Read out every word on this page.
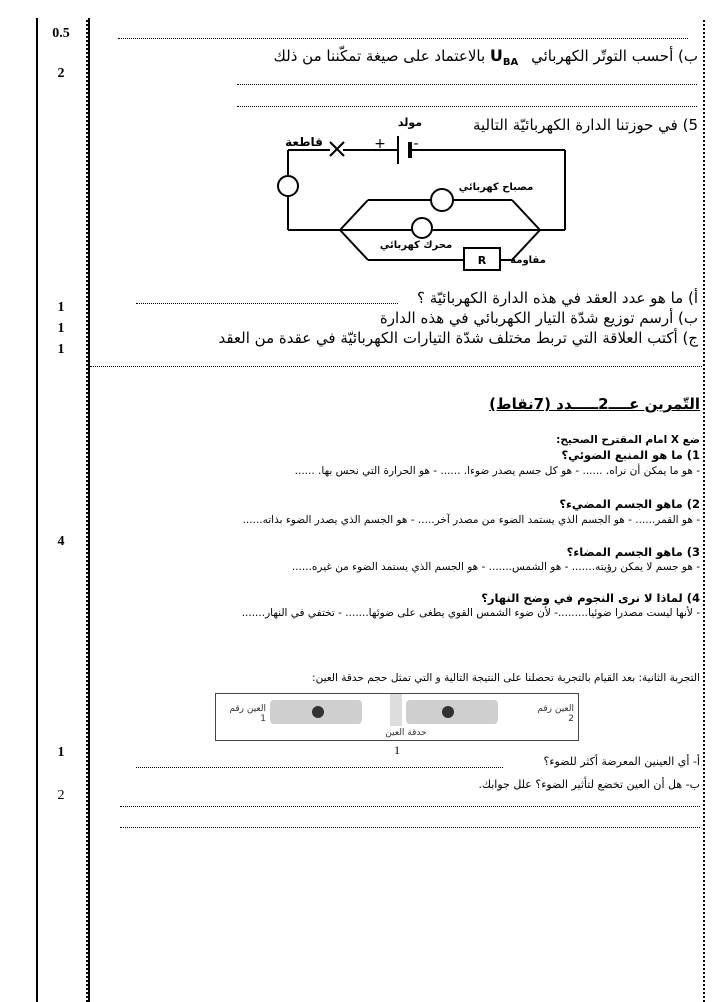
0.5
2
1
1
1
4
1
2
ب) أحسب التوتّر الكهربائي $U_{BA}$ بالاعتماد على صيغة تمكّننا من ذلك
5) في حوزتنا الدارة الكهربائيّة التالية
مولد
قاطعة	+ -
مصباح كهربائي
محرك كهربائي
R مقاومة
أ) ما هو عدد العقد في هذه الدارة الكهربائيّة ؟
ب) أرسم توزيع شدّة التيار الكهربائي في هذه الدارة
ج) أكتب العلاقة التي تربط مختلف شدّة التيارات الكهربائيّة في عقدة من العقد
التّمرين عــــ2ـــــدد (7نقاط)
ضع X امام المقترح الصحيح:
1) ما هو المنبع الضوئي؟
- هو ما يمكن أن نراه. ...... - هو كل جسم يصدر ضوءا. ...... - هو الحرارة التي نحس بها. ......
2) ماهو الجسم المضيء؟
- هو القمر...... - هو الجسم الذي يستمد الضوء من مصدر آخر..... - هو الجسم الذي يصدر الضوء بذاته......
3) ماهو الجسم المضاء؟
- هو جسم لا يمكن رؤيته....... - هو الشمس....... - هو الجسم الذي يستمد الضوء من غيره......
4) لماذا لا نرى النجوم في وضح النهار؟
- لأنها ليست مصدرا ضوئيا.........- لأن ضوء الشمس القوي يطغى على ضوئها....... - تختفي في النهار.......
التجربة الثانية: بعد القيام بالتجربة تحصلنا على النتيجة التالية و التي تمثل حجم حدقة العين:
العين رقم 1
العين رقم 2
حدقة العين
1
أ- أي العينين المعرضة أكثر للضوء؟
ب- هل أن العين تخضع لتأثير الضوء؟ علل جوابك.
